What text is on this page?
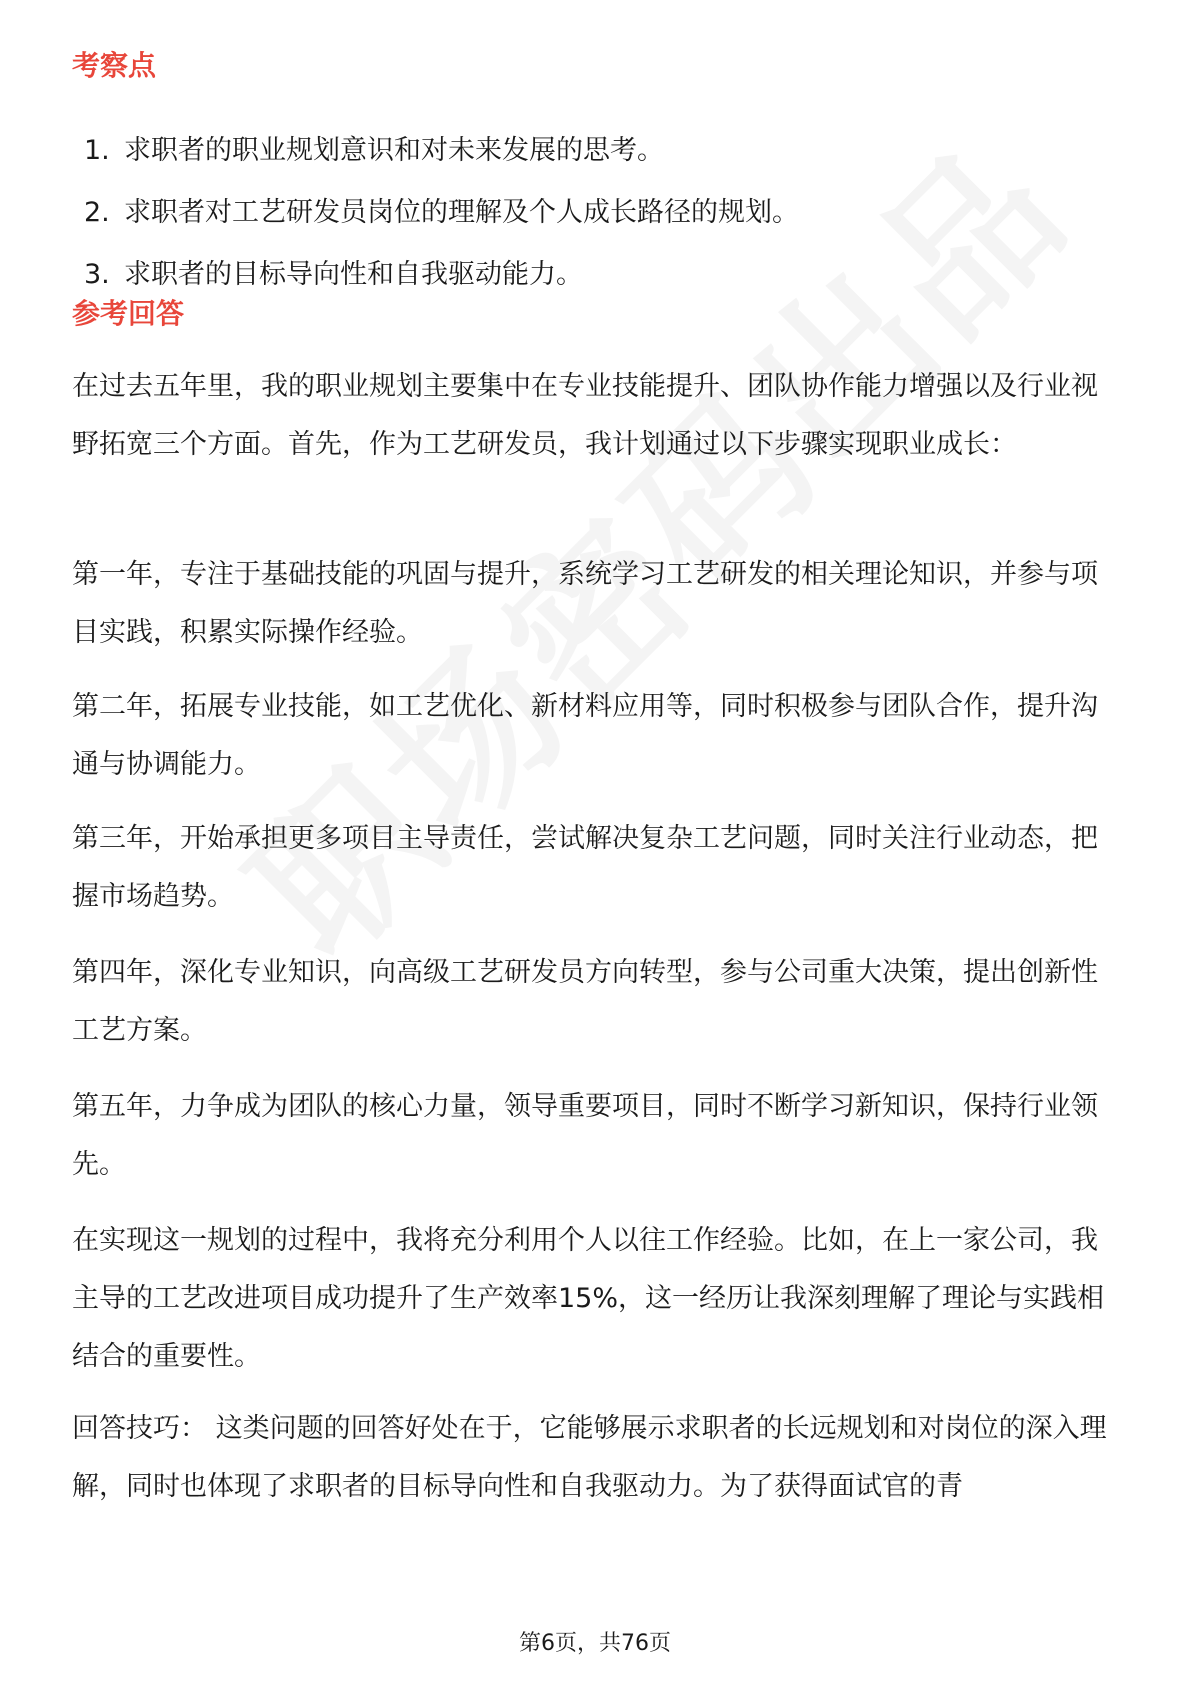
考察点
1. 求职者的职业规划意识和对未来发展的思考。
2. 求职者对工艺研发员岗位的理解及个人成长路径的规划。
3. 求职者的目标导向性和自我驱动能力。
参考回答

在过去五年里，我的职业规划主要集中在专业技能提升、团队协作能力增强以及行业视野拓宽三个方面。首先，作为工艺研发员，我计划通过以下步骤实现职业成长：

第一年，专注于基础技能的巩固与提升，系统学习工艺研发的相关理论知识，并参与项目实践，积累实际操作经验。

第二年，拓展专业技能，如工艺优化、新材料应用等，同时积极参与团队合作，提升沟通与协调能力。

第三年，开始承担更多项目主导责任，尝试解决复杂工艺问题，同时关注行业动态，把握市场趋势。

第四年，深化专业知识，向高级工艺研发员方向转型，参与公司重大决策，提出创新性工艺方案。

第五年，力争成为团队的核心力量，领导重要项目，同时不断学习新知识，保持行业领先。

在实现这一规划的过程中，我将充分利用个人以往工作经验。比如，在上一家公司，我主导的工艺改进项目成功提升了生产效率15%，这一经历让我深刻理解了理论与实践相结合的重要性。

回答技巧： 这类问题的回答好处在于，它能够展示求职者的长远规划和对岗位的深入理解，同时也体现了求职者的目标导向性和自我驱动力。为了获得面试官的青

第6页，共76页
